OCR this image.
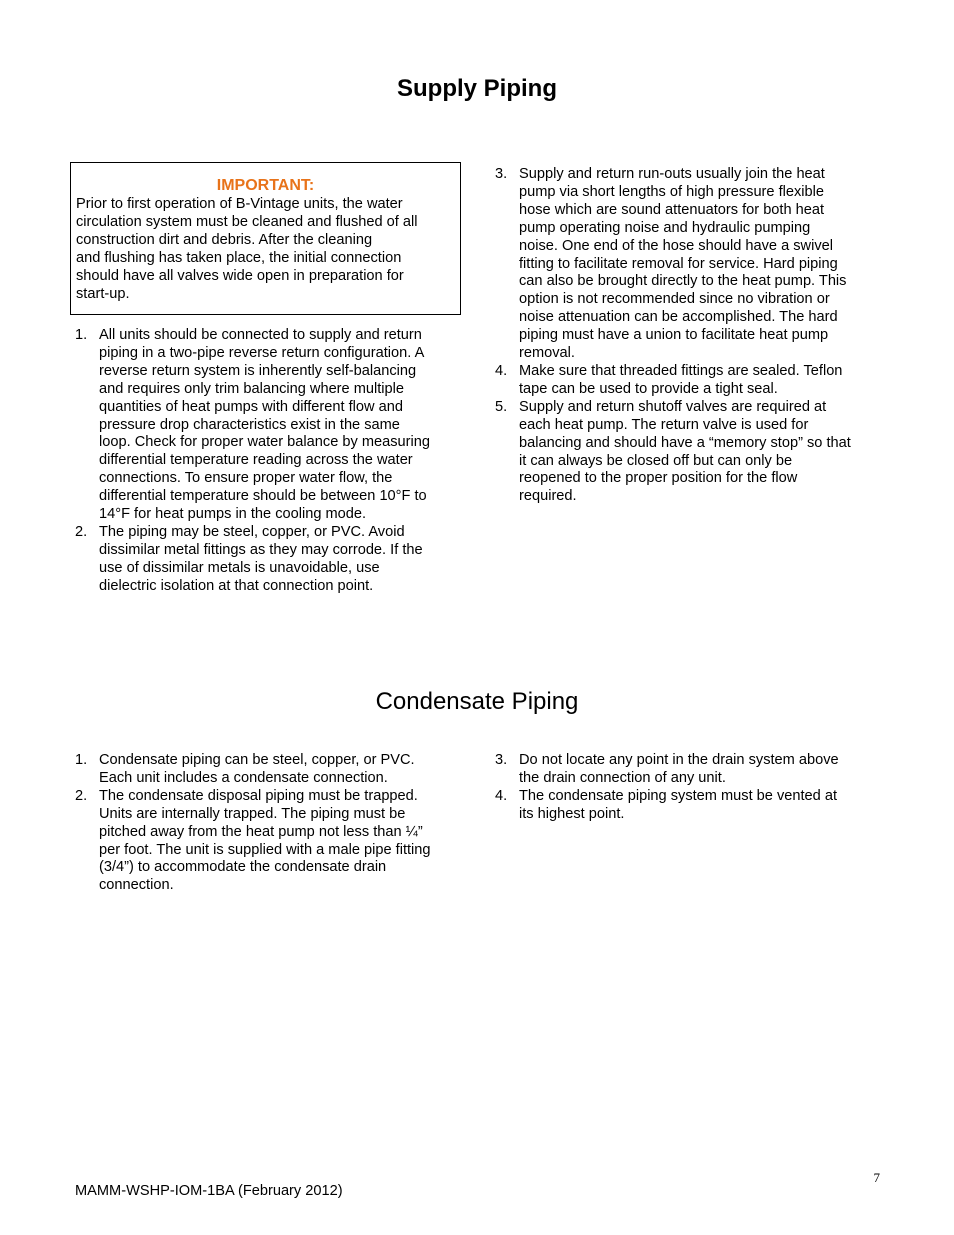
Supply Piping
IMPORTANT:

Prior to first operation of B-Vintage units, the water
circulation system must be cleaned and flushed of all
construction dirt and debris. After the cleaning
and flushing has taken place, the initial connection
should have all valves wide open in preparation for
start-up.

1. All units should be connected to supply and return
piping in a two-pipe reverse return configuration. A
reverse return system is inherently self-balancing
and requires only trim balancing where multiple
quantities of heat pumps with different flow and
pressure drop characteristics exist in the same
loop. Check for proper water balance by measuring
differential temperature reading across the water
connections. To ensure proper water flow, the
differential temperature should be between 10°F to
14°F for heat pumps in the cooling mode.
2. The piping may be steel, copper, or PVC. Avoid
dissimilar metal fittings as they may corrode. If the
use of dissimilar metals is unavoidable, use
dielectric isolation at that connection point.
3. Supply and return run-outs usually join the heat
pump via short lengths of high pressure flexible
hose which are sound attenuators for both heat
pump operating noise and hydraulic pumping
noise. One end of the hose should have a swivel
fitting to facilitate removal for service. Hard piping
can also be brought directly to the heat pump. This
option is not recommended since no vibration or
noise attenuation can be accomplished. The hard
piping must have a union to facilitate heat pump
removal.
4. Make sure that threaded fittings are sealed. Teflon
tape can be used to provide a tight seal.
5. Supply and return shutoff valves are required at
each heat pump. The return valve is used for
balancing and should have a “memory stop” so that
it can always be closed off but can only be
reopened to the proper position for the flow
required.
Condensate Piping
1. Condensate piping can be steel, copper, or PVC.
Each unit includes a condensate connection.
2. The condensate disposal piping must be trapped.
Units are internally trapped. The piping must be
pitched away from the heat pump not less than ¼”
per foot. The unit is supplied with a male pipe fitting
(3/4”) to accommodate the condensate drain
connection.
3. Do not locate any point in the drain system above
the drain connection of any unit.
4. The condensate piping system must be vented at
its highest point.
7
MAMM-WSHP-IOM-1BA (February 2012)
